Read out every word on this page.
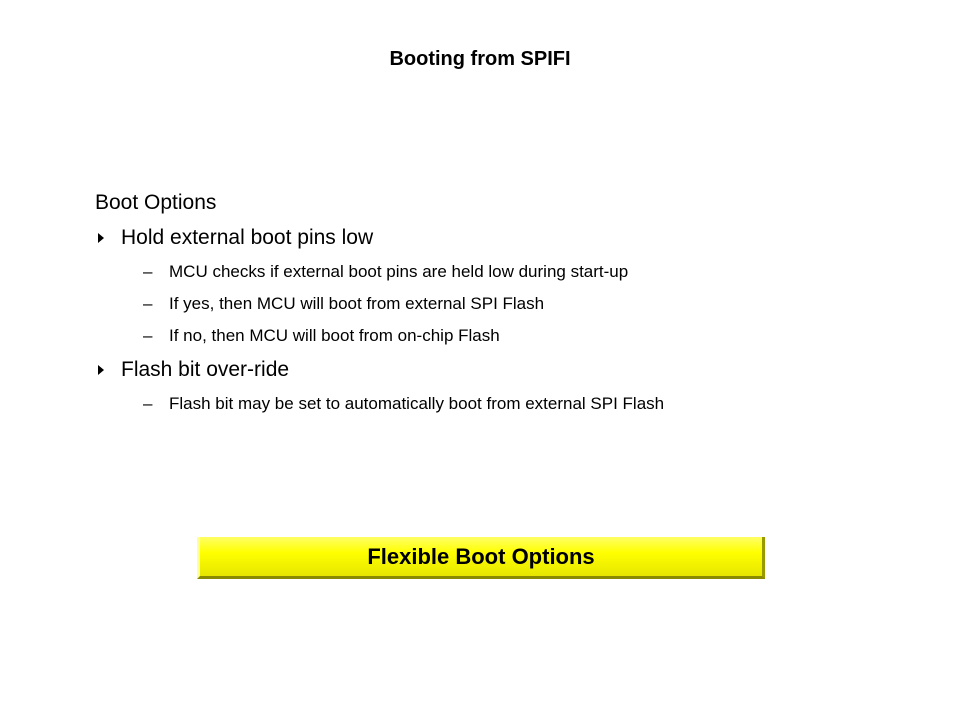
Booting from SPIFI
Boot Options
Hold external boot pins low
– MCU checks if external boot pins are held low during start-up
– If yes, then MCU will boot from external SPI Flash
– If no, then MCU will boot from on-chip Flash
Flash bit over-ride
– Flash bit may be set to automatically boot from external SPI Flash
Flexible Boot Options
